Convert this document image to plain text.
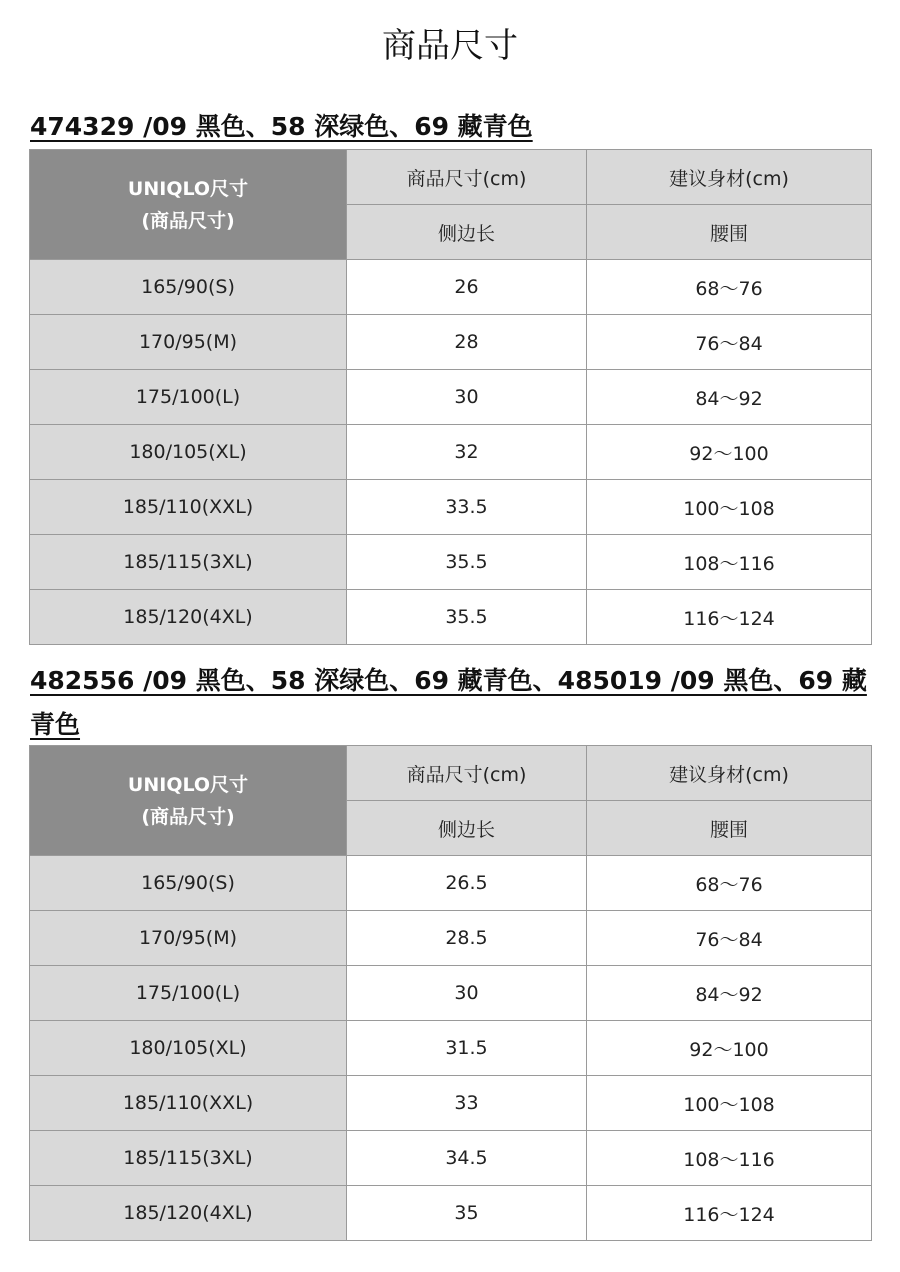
商品尺寸
474329 /09 黑色、58 深绿色、69 藏青色
UNIQLO尺寸
(商品尺寸)	商品尺寸(cm)	建议身材(cm)
	侧边长	腰围
165/90(S)	26	68〜76
170/95(M)	28	76〜84
175/100(L)	30	84〜92
180/105(XL)	32	92〜100
185/110(XXL)	33.5	100〜108
185/115(3XL)	35.5	108〜116
185/120(4XL)	35.5	116〜124
482556 /09 黑色、58 深绿色、69 藏青色、485019 /09 黑色、69 藏青色
UNIQLO尺寸
(商品尺寸)	商品尺寸(cm)	建议身材(cm)
	侧边长	腰围
165/90(S)	26.5	68〜76
170/95(M)	28.5	76〜84
175/100(L)	30	84〜92
180/105(XL)	31.5	92〜100
185/110(XXL)	33	100〜108
185/115(3XL)	34.5	108〜116
185/120(4XL)	35	116〜124
